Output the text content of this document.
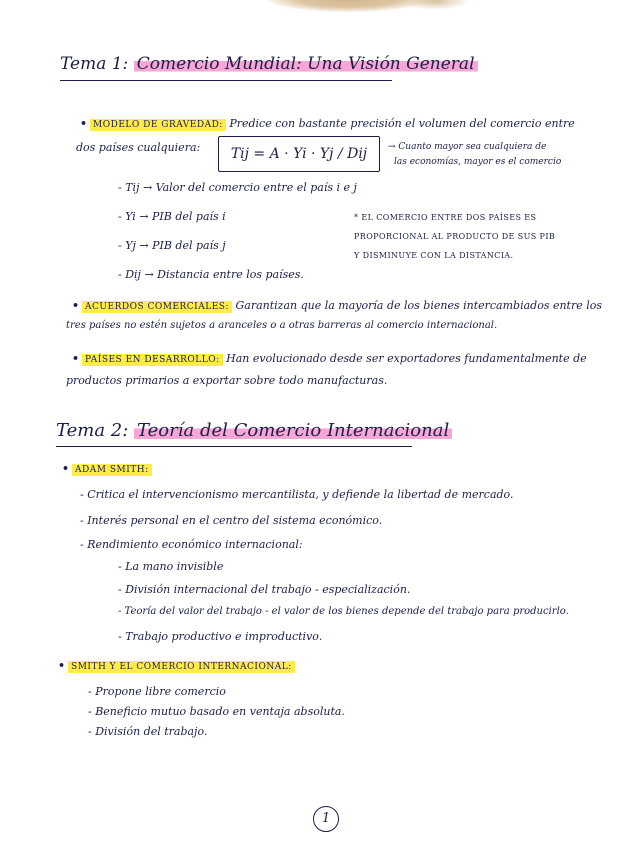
Tema 1: Comercio Mundial: Una Visión General
• MODELO DE GRAVEDAD: Predice con bastante precisión el volumen del comercio entre
dos países cualquiera:	Tij = A · Yi · Yj / Dij	→ Cuanto mayor sea cualquiera de
las economías, mayor es el comercio
- Tij → Valor del comercio entre el país i e j
- Yi → PIB del país i
- Yj → PIB del país j
- Dij → Distancia entre los países.
* EL COMERCIO ENTRE DOS PAÍSES ES
PROPORCIONAL AL PRODUCTO DE SUS PIB
Y DISMINUYE CON LA DISTANCIA.
• ACUERDOS COMERCIALES: Garantizan que la mayoría de los bienes intercambiados entre los
tres países no estén sujetos a aranceles o a otras barreras al comercio internacional.
• PAÍSES EN DESARROLLO: Han evolucionado desde ser exportadores fundamentalmente de
productos primarios a exportar sobre todo manufacturas.
Tema 2: Teoría del Comercio Internacional
• ADAM SMITH:
- Critica el intervencionismo mercantilista, y defiende la libertad de mercado.
- Interés personal en el centro del sistema económico.
- Rendimiento económico internacional:
- La mano invisible
- División internacional del trabajo - especialización.
- Teoría del valor del trabajo - el valor de los bienes depende del trabajo para producirlo.
- Trabajo productivo e improductivo.
• SMITH Y EL COMERCIO INTERNACIONAL:
- Propone libre comercio
- Beneficio mutuo basado en ventaja absoluta.
- División del trabajo.
1
